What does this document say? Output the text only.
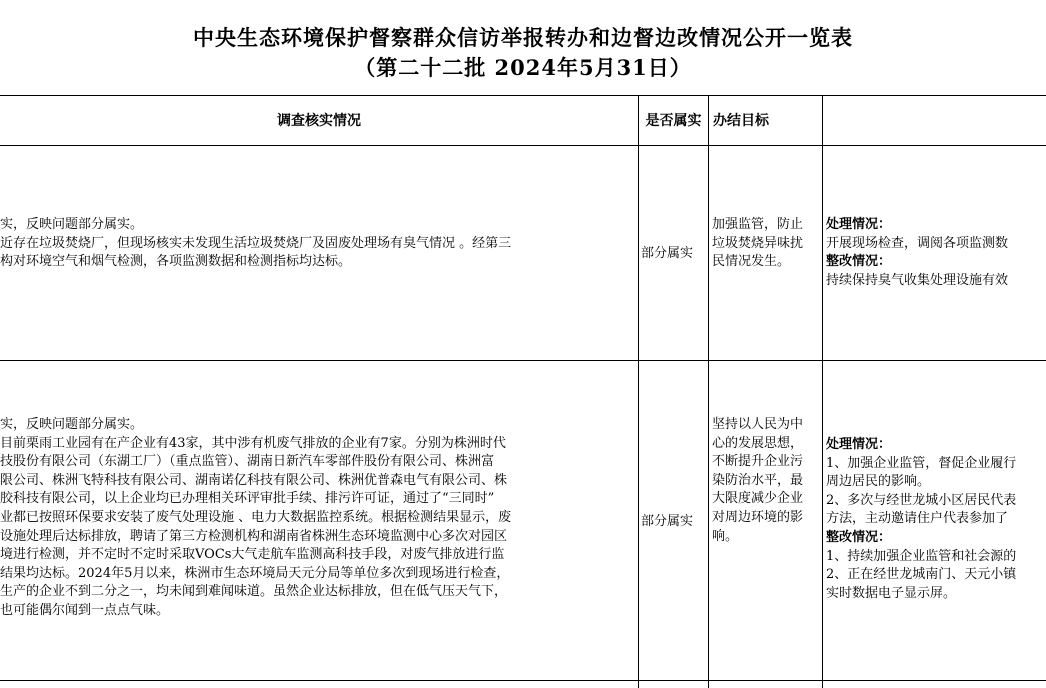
中央生态环境保护督察群众信访举报转办和边督边改情况公开一览表
（第二十二批 2024年5月31日）
调查核实情况	是否属实 办结目标
实，反映问题部分属实。
近存在垃圾焚烧厂，但现场核实未发现生活垃圾焚烧厂及固废处理场有臭气情况 。经第三
构对环境空气和烟气检测，各项监测数据和检测指标均达标。
部分属实
加强监管，防止垃圾焚烧异味扰民情况发生。
处理情况：
开展现场检查，调阅各项监测数
整改情况：
持续保持臭气收集处理设施有效
实，反映问题部分属实。
目前栗雨工业园有在产企业有43家，其中涉有机废气排放的企业有7家。分别为株洲时代
技股份有限公司（东湖工厂）（重点监管）、湖南日新汽车零部件股份有限公司、株洲富
限公司、株洲飞特科技有限公司、湖南诺亿科技有限公司、株洲优普森电气有限公司、株
胶科技有限公司，以上企业均已办理相关环评审批手续、排污许可证，通过了“三同时”
业都已按照环保要求安装了废气处理设施 、电力大数据监控系统。根据检测结果显示，废
设施处理后达标排放，聘请了第三方检测机构和湖南省株洲生态环境监测中心多次对园区
境进行检测，并不定时不定时采取VOCs大气走航车监测高科技手段，对废气排放进行监
结果均达标。2024年5月以来，株洲市生态环境局天元分局等单位多次到现场进行检查，
生产的企业不到二分之一，均未闻到难闻味道。虽然企业达标排放，但在低气压天气下，
也可能偶尔闻到一点点气味。
部分属实
坚持以人民为中心的发展思想，不断提升企业污染防治水平，最大限度减少企业对周边环境的影响。
处理情况：
1、加强企业监管，督促企业履行
周边居民的影响。
2、多次与经世龙城小区居民代表
方法，主动邀请住户代表参加了
整改情况：
1、持续加强企业监管和社会源的
2、正在经世龙城南门、天元小镇
实时数据电子显示屏。
